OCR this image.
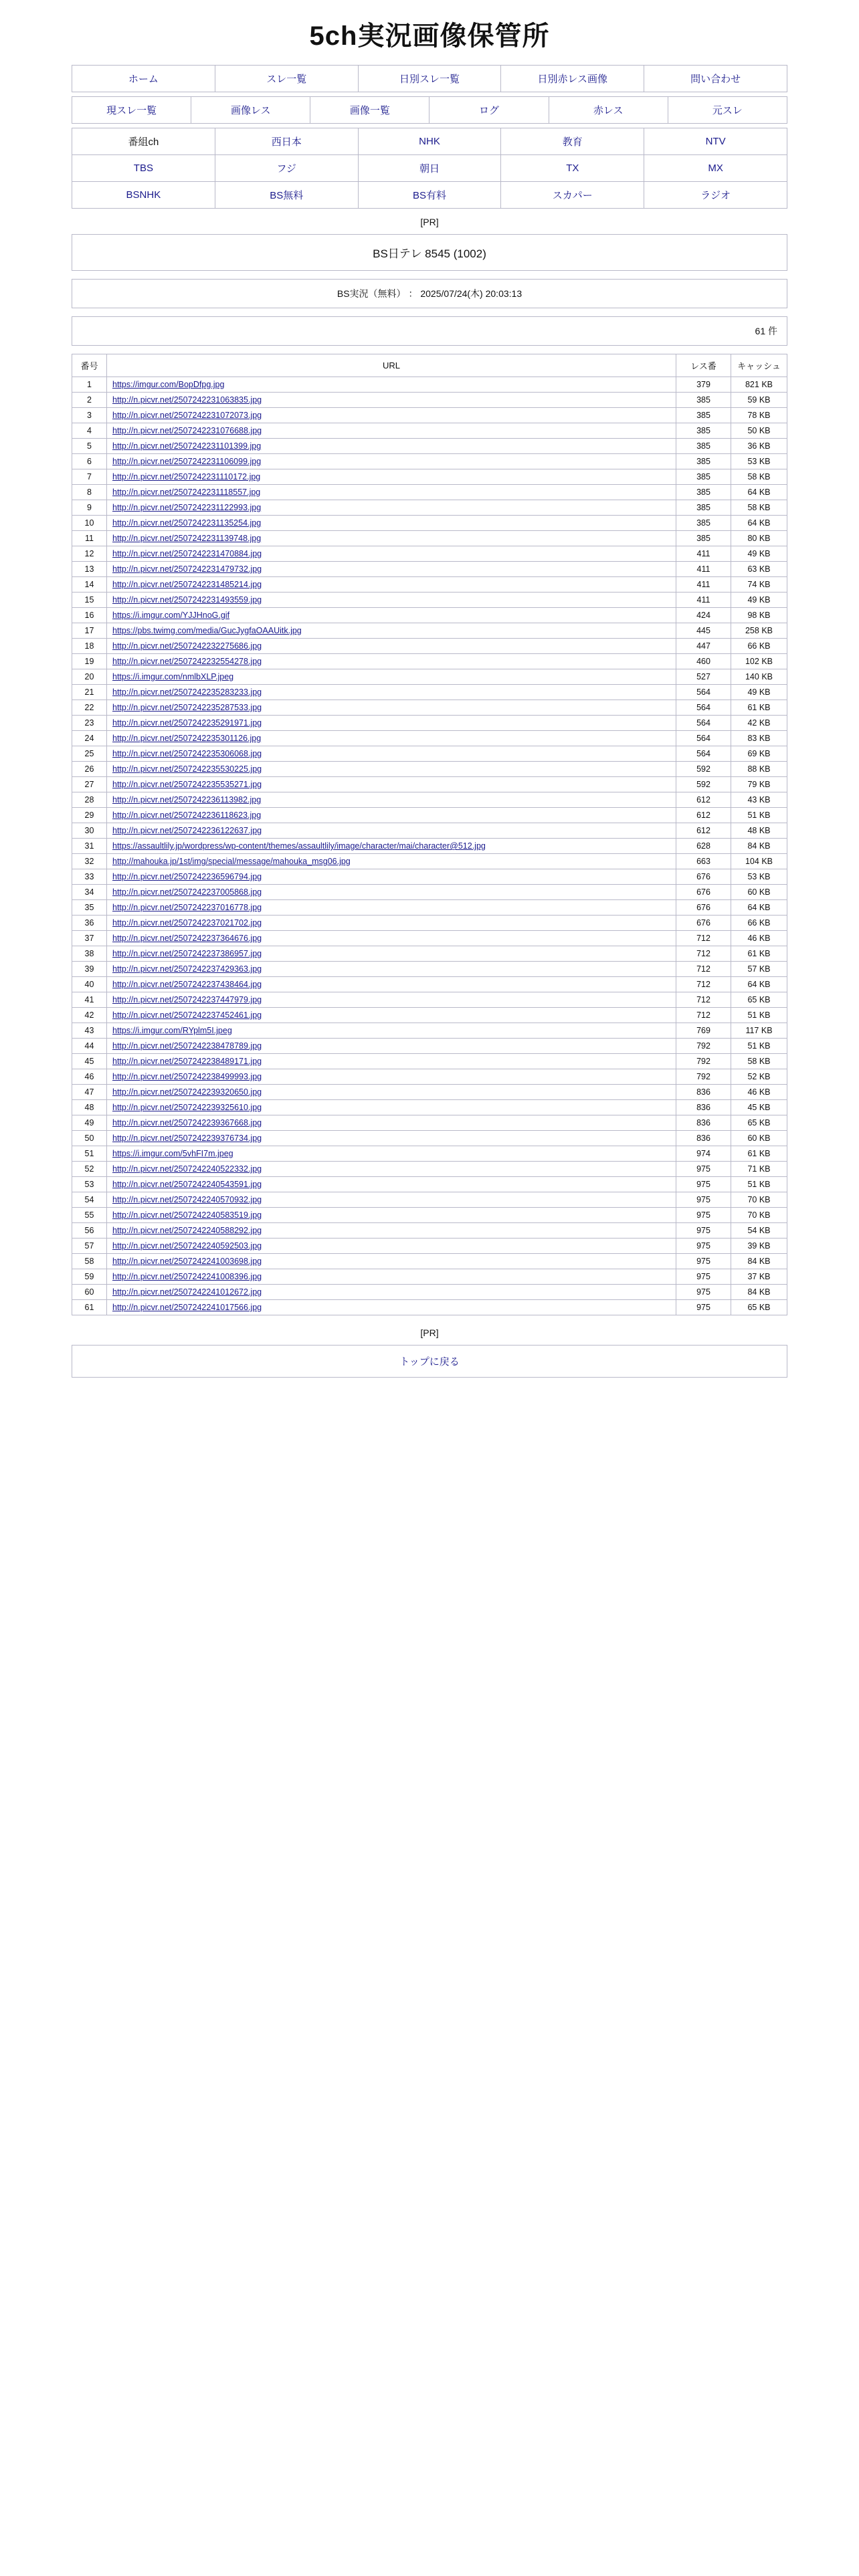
5ch実況画像保管所
ホーム	スレ一覧	日別スレ一覧	日別赤レス画像	問い合わせ
現スレ一覧	画像レス	画像一覧	ログ	赤レス	元スレ
番組ch	西日本	NHK	教育	NTV
TBS	フジ	朝日	TX	MX
BSNHK	BS無料	BS有料	スカパー	ラジオ
[PR]
BS日テレ 8545 (1002)
BS実況（無料） ： 2025/07/24(木) 20:03:13
61 件
番号	URL	レス番	キャッシュ
1	https://imgur.com/BopDfpg.jpg	379	821 KB
2	http://n.picvr.net/2507242231063835.jpg	385	59 KB
3	http://n.picvr.net/2507242231072073.jpg	385	78 KB
4	http://n.picvr.net/2507242231076688.jpg	385	50 KB
5	http://n.picvr.net/2507242231101399.jpg	385	36 KB
6	http://n.picvr.net/2507242231106099.jpg	385	53 KB
7	http://n.picvr.net/2507242231110172.jpg	385	58 KB
8	http://n.picvr.net/2507242231118557.jpg	385	64 KB
9	http://n.picvr.net/2507242231122993.jpg	385	58 KB
10	http://n.picvr.net/2507242231135254.jpg	385	64 KB
11	http://n.picvr.net/2507242231139748.jpg	385	80 KB
12	http://n.picvr.net/2507242231470884.jpg	411	49 KB
13	http://n.picvr.net/2507242231479732.jpg	411	63 KB
14	http://n.picvr.net/2507242231485214.jpg	411	74 KB
15	http://n.picvr.net/2507242231493559.jpg	411	49 KB
16	https://i.imgur.com/YJJHnoG.gif	424	98 KB
17	https://pbs.twimg.com/media/GucJygfaOAAUitk.jpg	445	258 KB
18	http://n.picvr.net/2507242232275686.jpg	447	66 KB
19	http://n.picvr.net/2507242232554278.jpg	460	102 KB
20	https://i.imgur.com/nmlbXLP.jpeg	527	140 KB
21	http://n.picvr.net/2507242235283233.jpg	564	49 KB
22	http://n.picvr.net/2507242235287533.jpg	564	61 KB
23	http://n.picvr.net/2507242235291971.jpg	564	42 KB
24	http://n.picvr.net/2507242235301126.jpg	564	83 KB
25	http://n.picvr.net/2507242235306068.jpg	564	69 KB
26	http://n.picvr.net/2507242235530225.jpg	592	88 KB
27	http://n.picvr.net/2507242235535271.jpg	592	79 KB
28	http://n.picvr.net/2507242236113982.jpg	612	43 KB
29	http://n.picvr.net/2507242236118623.jpg	612	51 KB
30	http://n.picvr.net/2507242236122637.jpg	612	48 KB
31	https://assaultlily.jp/wordpress/wp-content/themes/assaultlily/image/character/mai/character@512.jpg	628	84 KB
32	http://mahouka.jp/1st/img/special/message/mahouka_msg06.jpg	663	104 KB
33	http://n.picvr.net/2507242236596794.jpg	676	53 KB
34	http://n.picvr.net/2507242237005868.jpg	676	60 KB
35	http://n.picvr.net/2507242237016778.jpg	676	64 KB
36	http://n.picvr.net/2507242237021702.jpg	676	66 KB
37	http://n.picvr.net/2507242237364676.jpg	712	46 KB
38	http://n.picvr.net/2507242237386957.jpg	712	61 KB
39	http://n.picvr.net/2507242237429363.jpg	712	57 KB
40	http://n.picvr.net/2507242237438464.jpg	712	64 KB
41	http://n.picvr.net/2507242237447979.jpg	712	65 KB
42	http://n.picvr.net/2507242237452461.jpg	712	51 KB
43	https://i.imgur.com/RYplm5I.jpeg	769	117 KB
44	http://n.picvr.net/2507242238478789.jpg	792	51 KB
45	http://n.picvr.net/2507242238489171.jpg	792	58 KB
46	http://n.picvr.net/2507242238499993.jpg	792	52 KB
47	http://n.picvr.net/2507242239320650.jpg	836	46 KB
48	http://n.picvr.net/2507242239325610.jpg	836	45 KB
49	http://n.picvr.net/2507242239367668.jpg	836	65 KB
50	http://n.picvr.net/2507242239376734.jpg	836	60 KB
51	https://i.imgur.com/5vhFI7m.jpeg	974	61 KB
52	http://n.picvr.net/2507242240522332.jpg	975	71 KB
53	http://n.picvr.net/2507242240543591.jpg	975	51 KB
54	http://n.picvr.net/2507242240570932.jpg	975	70 KB
55	http://n.picvr.net/2507242240583519.jpg	975	70 KB
56	http://n.picvr.net/2507242240588292.jpg	975	54 KB
57	http://n.picvr.net/2507242240592503.jpg	975	39 KB
58	http://n.picvr.net/2507242241003698.jpg	975	84 KB
59	http://n.picvr.net/2507242241008396.jpg	975	37 KB
60	http://n.picvr.net/2507242241012672.jpg	975	84 KB
61	http://n.picvr.net/2507242241017566.jpg	975	65 KB
[PR]
トップに戻る
